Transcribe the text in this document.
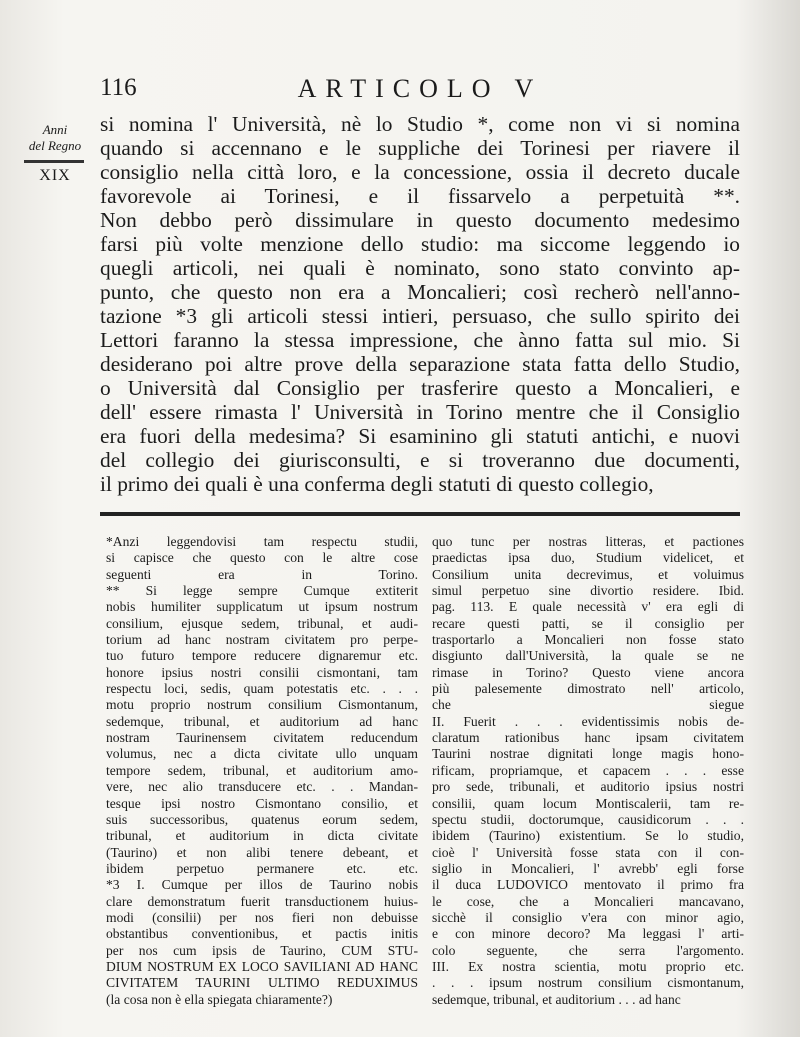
116	ARTICOLO V
Anni
del Regno
XIX
si nomina l' Università, nè lo Studio *, come non vi si nomina
quando si accennano e le suppliche dei Torinesi per riavere il
consiglio nella città loro, e la concessione, ossia il decreto ducale
favorevole ai Torinesi, e il fissarvelo a perpetuità **.
Non debbo però dissimulare in questo documento medesimo
farsi più volte menzione dello studio: ma siccome leggendo io
quegli articoli, nei quali è nominato, sono stato convinto ap-
punto, che questo non era a Moncalieri; così recherò nell'anno-
tazione *3 gli articoli stessi intieri, persuaso, che sullo spirito dei
Lettori faranno la stessa impressione, che ànno fatta sul mio. Si
desiderano poi altre prove della separazione stata fatta dello Studio,
o Università dal Consiglio per trasferire questo a Moncalieri, e
dell' essere rimasta l' Università in Torino mentre che il Consiglio
era fuori della medesima? Si esaminino gli statuti antichi, e nuovi
del collegio dei giurisconsulti, e si troveranno due documenti,
il primo dei quali è una conferma degli statuti di questo collegio,
*Anzi leggendovisi tam respectu studii,
si capisce che questo con le altre cose
seguenti era in Torino.
** Si legge sempre Cumque extiterit
nobis humiliter supplicatum ut ipsum nostrum
consilium, ejusque sedem, tribunal, et audi-
torium ad hanc nostram civitatem pro perpe-
tuo futuro tempore reducere dignaremur etc.
honore ipsius nostri consilii cismontani, tam
respectu loci, sedis, quam potestatis etc. . . .
motu proprio nostrum consilium Cismontanum,
sedemque, tribunal, et auditorium ad hanc
nostram Taurinensem civitatem reducendum
volumus, nec a dicta civitate ullo unquam
tempore sedem, tribunal, et auditorium amo-
vere, nec alio transducere etc. . . Mandan-
tesque ipsi nostro Cismontano consilio, et
suis successoribus, quatenus eorum sedem,
tribunal, et auditorium in dicta civitate
(Taurino) et non alibi tenere debeant, et
ibidem perpetuo permanere etc. etc.
*3 I. Cumque per illos de Taurino nobis
clare demonstratum fuerit transductionem huius-
modi (consilii) per nos fieri non debuisse
obstantibus conventionibus, et pactis initis
per nos cum ipsis de Taurino, CUM STU-
DIUM NOSTRUM EX LOCO SAVILIANI AD HANC
CIVITATEM TAURINI ULTIMO REDUXIMUS
(la cosa non è ella spiegata chiaramente?)
quo tunc per nostras litteras, et pactiones
praedictas ipsa duo, Studium videlicet, et
Consilium unita decrevimus, et voluimus
simul perpetuo sine divortio residere. Ibid.
pag. 113. E quale necessità v' era egli di
recare questi patti, se il consiglio per
trasportarlo a Moncalieri non fosse stato
disgiunto dall'Università, la quale se ne
rimase in Torino? Questo viene ancora
più palesemente dimostrato nell' articolo,
che siegue
II. Fuerit . . . evidentissimis nobis de-
claratum rationibus hanc ipsam civitatem
Taurini nostrae dignitati longe magis hono-
rificam, propriamque, et capacem . . . esse
pro sede, tribunali, et auditorio ipsius nostri
consilii, quam locum Montiscalerii, tam re-
spectu studii, doctorumque, causidicorum . . .
ibidem (Taurino) existentium. Se lo studio,
cioè l' Università fosse stata con il con-
siglio in Moncalieri, l' avrebb' egli forse
il duca LUDOVICO mentovato il primo fra
le cose, che a Moncalieri mancavano,
sicchè il consiglio v'era con minor agio,
e con minore decoro? Ma leggasi l' arti-
colo seguente, che serra l'argomento.
III. Ex nostra scientia, motu proprio etc.
. . . ipsum nostrum consilium cismontanum,
sedemque, tribunal, et auditorium . . . ad hanc
